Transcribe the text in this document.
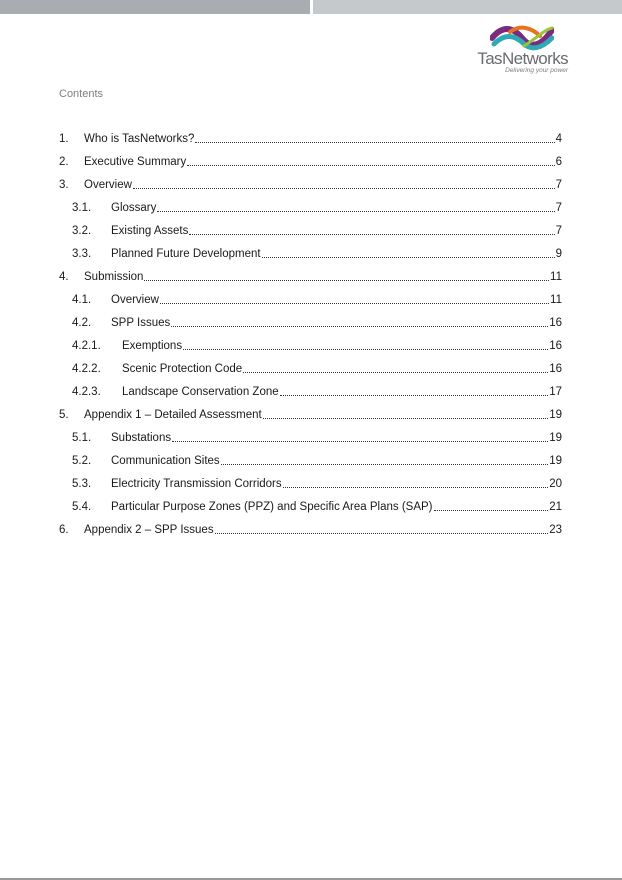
TasNetworks
Delivering your power
Contents
1.	Who is TasNetworks?	4
2.	Executive Summary	6
3.	Overview	7
3.1.	Glossary	7
3.2.	Existing Assets	7
3.3.	Planned Future Development	9
4.	Submission	11
4.1.	Overview	11
4.2.	SPP Issues	16
4.2.1.	Exemptions	16
4.2.2.	Scenic Protection Code	16
4.2.3.	Landscape Conservation Zone	17
5.	Appendix 1 – Detailed Assessment	19
5.1.	Substations	19
5.2.	Communication Sites	19
5.3.	Electricity Transmission Corridors	20
5.4.	Particular Purpose Zones (PPZ) and Specific Area Plans (SAP)	21
6.	Appendix 2 – SPP Issues	23
